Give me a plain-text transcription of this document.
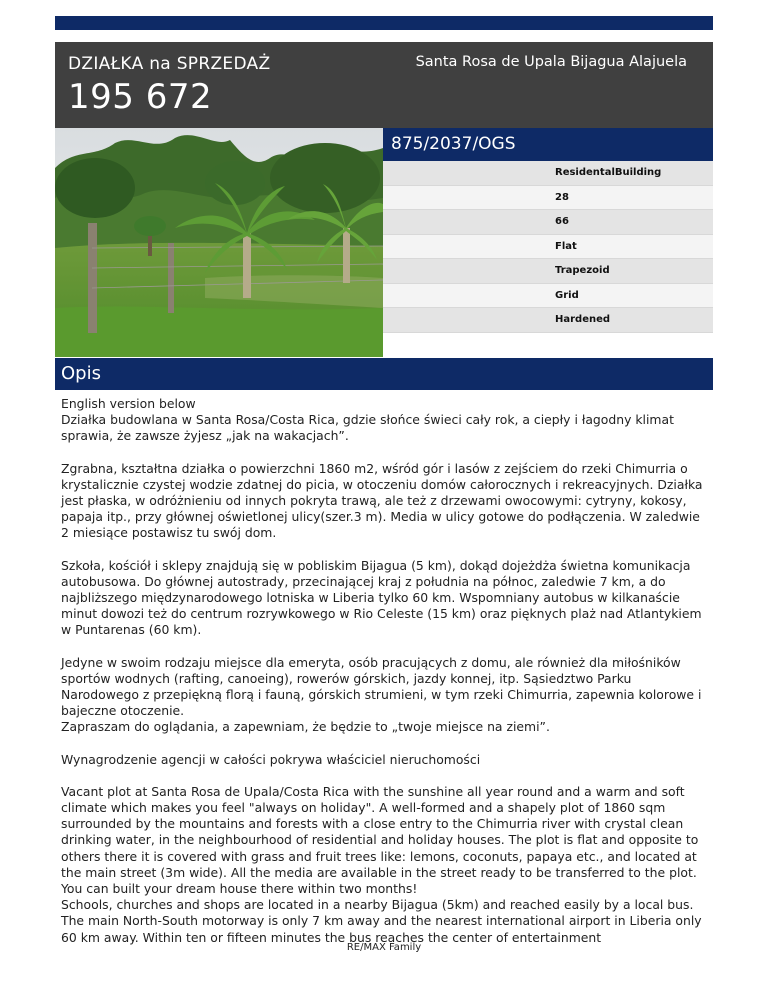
DZIAŁKA na SPRZEDAŻ
195 672
Santa Rosa de Upala Bijagua Alajuela
875/2037/OGS
ResidentalBuilding
28
66
Flat
Trapezoid
Grid
Hardened
Opis

English version below
Działka budowlana w Santa Rosa/Costa Rica, gdzie słońce świeci cały rok, a ciepły i łagodny klimat sprawia, że zawsze żyjesz „jak na wakacjach”.

Zgrabna, kształtna działka o powierzchni 1860 m2, wśród gór i lasów z zejściem do rzeki Chimurria o krystalicznie czystej wodzie zdatnej do picia, w otoczeniu domów całorocznych i rekreacyjnych. Działka jest płaska, w odróżnieniu od innych pokryta trawą, ale też z drzewami owocowymi: cytryny, kokosy, papaja itp., przy głównej oświetlonej ulicy(szer.3 m). Media w ulicy gotowe do podłączenia. W zaledwie 2 miesiące postawisz tu swój dom.

Szkoła, kościół i sklepy znajdują się w pobliskim Bijagua (5 km), dokąd dojeżdża świetna komunikacja autobusowa. Do głównej autostrady, przecinającej kraj z południa na północ, zaledwie 7 km, a do najbliższego międzynarodowego lotniska w Liberia tylko 60 km. Wspomniany autobus w kilkanaście minut dowozi też do centrum rozrywkowego w Rio Celeste (15 km) oraz pięknych plaż nad Atlantykiem w Puntarenas (60 km).

Jedyne w swoim rodzaju miejsce dla emeryta, osób pracujących z domu, ale również dla miłośników sportów wodnych (rafting, canoeing), rowerów górskich, jazdy konnej, itp. Sąsiedztwo Parku Narodowego z przepiękną florą i fauną, górskich strumieni, w tym rzeki Chimurria, zapewnia kolorowe i bajeczne otoczenie.
Zapraszam do oglądania, a zapewniam, że będzie to „twoje miejsce na ziemi”.

Wynagrodzenie agencji w całości pokrywa właściciel nieruchomości

Vacant plot at Santa Rosa de Upala/Costa Rica with the sunshine all year round and a warm and soft climate which makes you feel "always on holiday". A well-formed and a shapely plot of 1860 sqm surrounded by the mountains and forests with a close entry to the Chimurria river with crystal clean drinking water, in the neighbourhood of residential and holiday houses. The plot is flat and opposite to others there it is covered with grass and fruit trees like: lemons, coconuts, papaya etc., and located at the main street (3m wide). All the media are available in the street ready to be transferred to the plot. You can built your dream house there within two months!
Schools, churches and shops are located in a nearby Bijagua (5km) and reached easily by a local bus. The main North-South motorway is only 7 km away and the nearest international airport in Liberia only 60 km away. Within ten or fifteen minutes the bus reaches the center of entertainment

RE/MAX Family
